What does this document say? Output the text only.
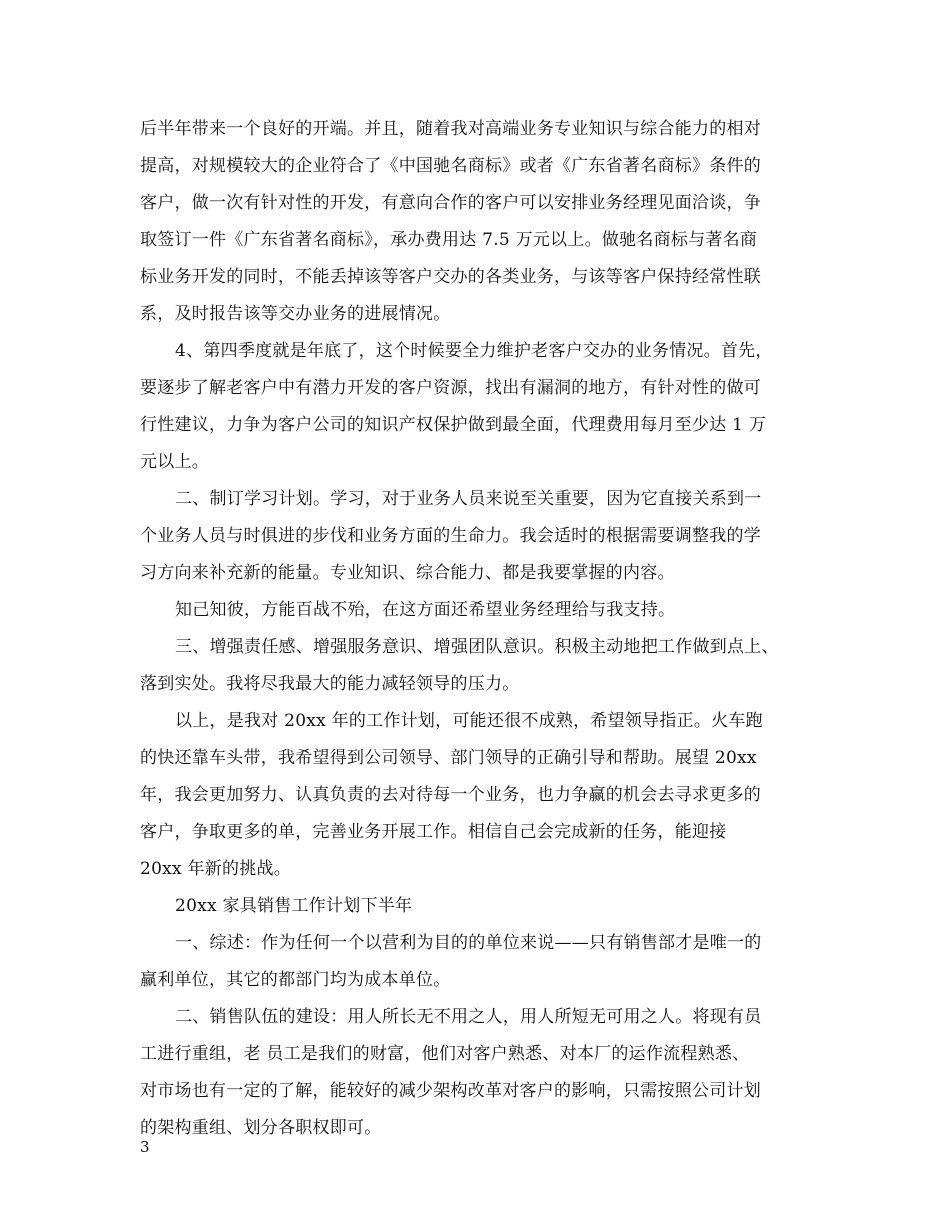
后半年带来一个良好的开端。并且，随着我对高端业务专业知识与综合能力的相对
提高，对规模较大的企业符合了《中国驰名商标》或者《广东省著名商标》条件的
客户，做一次有针对性的开发，有意向合作的客户可以安排业务经理见面洽谈，争
取签订一件《广东省著名商标》，承办费用达 7.5 万元以上。做驰名商标与著名商
标业务开发的同时，不能丢掉该等客户交办的各类业务，与该等客户保持经常性联
系，及时报告该等交办业务的进展情况。
4、第四季度就是年底了，这个时候要全力维护老客户交办的业务情况。首先，
要逐步了解老客户中有潜力开发的客户资源，找出有漏洞的地方，有针对性的做可
行性建议，力争为客户公司的知识产权保护做到最全面，代理费用每月至少达 1 万
元以上。
二、制订学习计划。学习，对于业务人员来说至关重要，因为它直接关系到一
个业务人员与时俱进的步伐和业务方面的生命力。我会适时的根据需要调整我的学
习方向来补充新的能量。专业知识、综合能力、都是我要掌握的内容。
知己知彼，方能百战不殆，在这方面还希望业务经理给与我支持。
三、增强责任感、增强服务意识、增强团队意识。积极主动地把工作做到点上、
落到实处。我将尽我最大的能力减轻领导的压力。
以上，是我对 20xx 年的工作计划，可能还很不成熟，希望领导指正。火车跑
的快还靠车头带，我希望得到公司领导、部门领导的正确引导和帮助。展望 20xx
年，我会更加努力、认真负责的去对待每一个业务，也力争赢的机会去寻求更多的
客户，争取更多的单，完善业务开展工作。相信自己会完成新的任务，能迎接
20xx 年新的挑战。
20xx 家具销售工作计划下半年
一、综述：作为任何一个以营利为目的的单位来说——只有销售部才是唯一的
赢利单位，其它的都部门均为成本单位。
二、销售队伍的建设：用人所长无不用之人，用人所短无可用之人。将现有员
工进行重组，老 员工是我们的财富，他们对客户熟悉、对本厂的运作流程熟悉、
对市场也有一定的了解，能较好的减少架构改革对客户的影响，只需按照公司计划
的架构重组、划分各职权即可。
3
